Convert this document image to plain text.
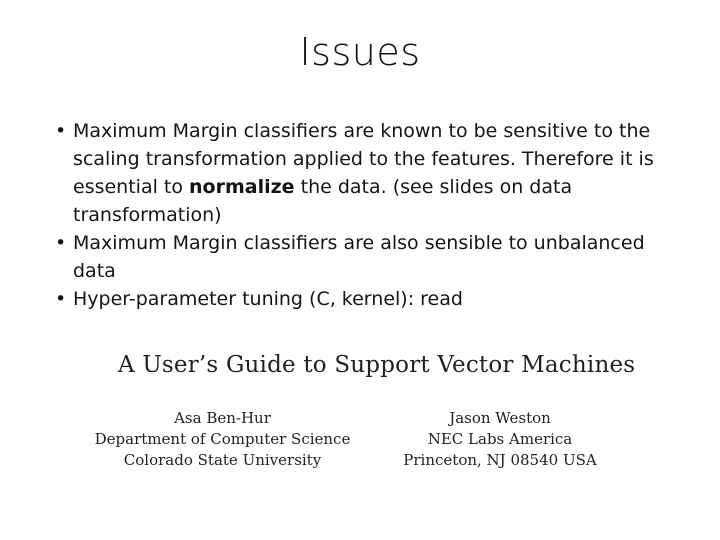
Issues
• Maximum Margin classifiers are known to be sensitive to the scaling transformation applied to the features. Therefore it is essential to normalize the data. (see slides on data transformation)
• Maximum Margin classifiers are also sensible to unbalanced data
• Hyper-parameter tuning (C, kernel): read
A User’s Guide to Support Vector Machines
Asa Ben-Hur
Department of Computer Science
Colorado State University
Jason Weston
NEC Labs America
Princeton, NJ 08540 USA
